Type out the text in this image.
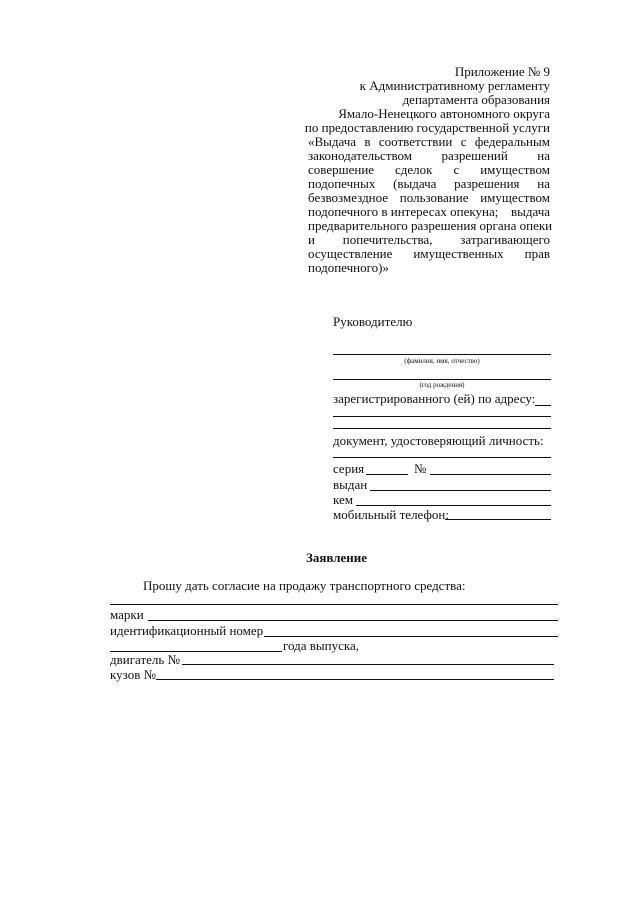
Приложение № 9
к Административному регламенту
департамента образования
Ямало-Ненецкого автономного округа
по предоставлению государственной услуги
«Выдача в соответствии с федеральным
законодательством разрешений на
совершение сделок с имуществом
подопечных (выдача разрешения на
безвозмездное пользование имуществом
подопечного в интересах опекуна; выдача
предварительного разрешения органа опеки
и попечительства, затрагивающего
осуществление имущественных прав
подопечного)»
Руководителю
(фамилия, имя, отчество)
(год рождения)
зарегистрированного (ей) по адресу:
документ, удостоверяющий личность:
серия	№
выдан
кем
мобильный телефон:
Заявление
Прошу дать согласие на продажу транспортного средства:
марки
идентификационный номер
года выпуска,
двигатель №
кузов №
